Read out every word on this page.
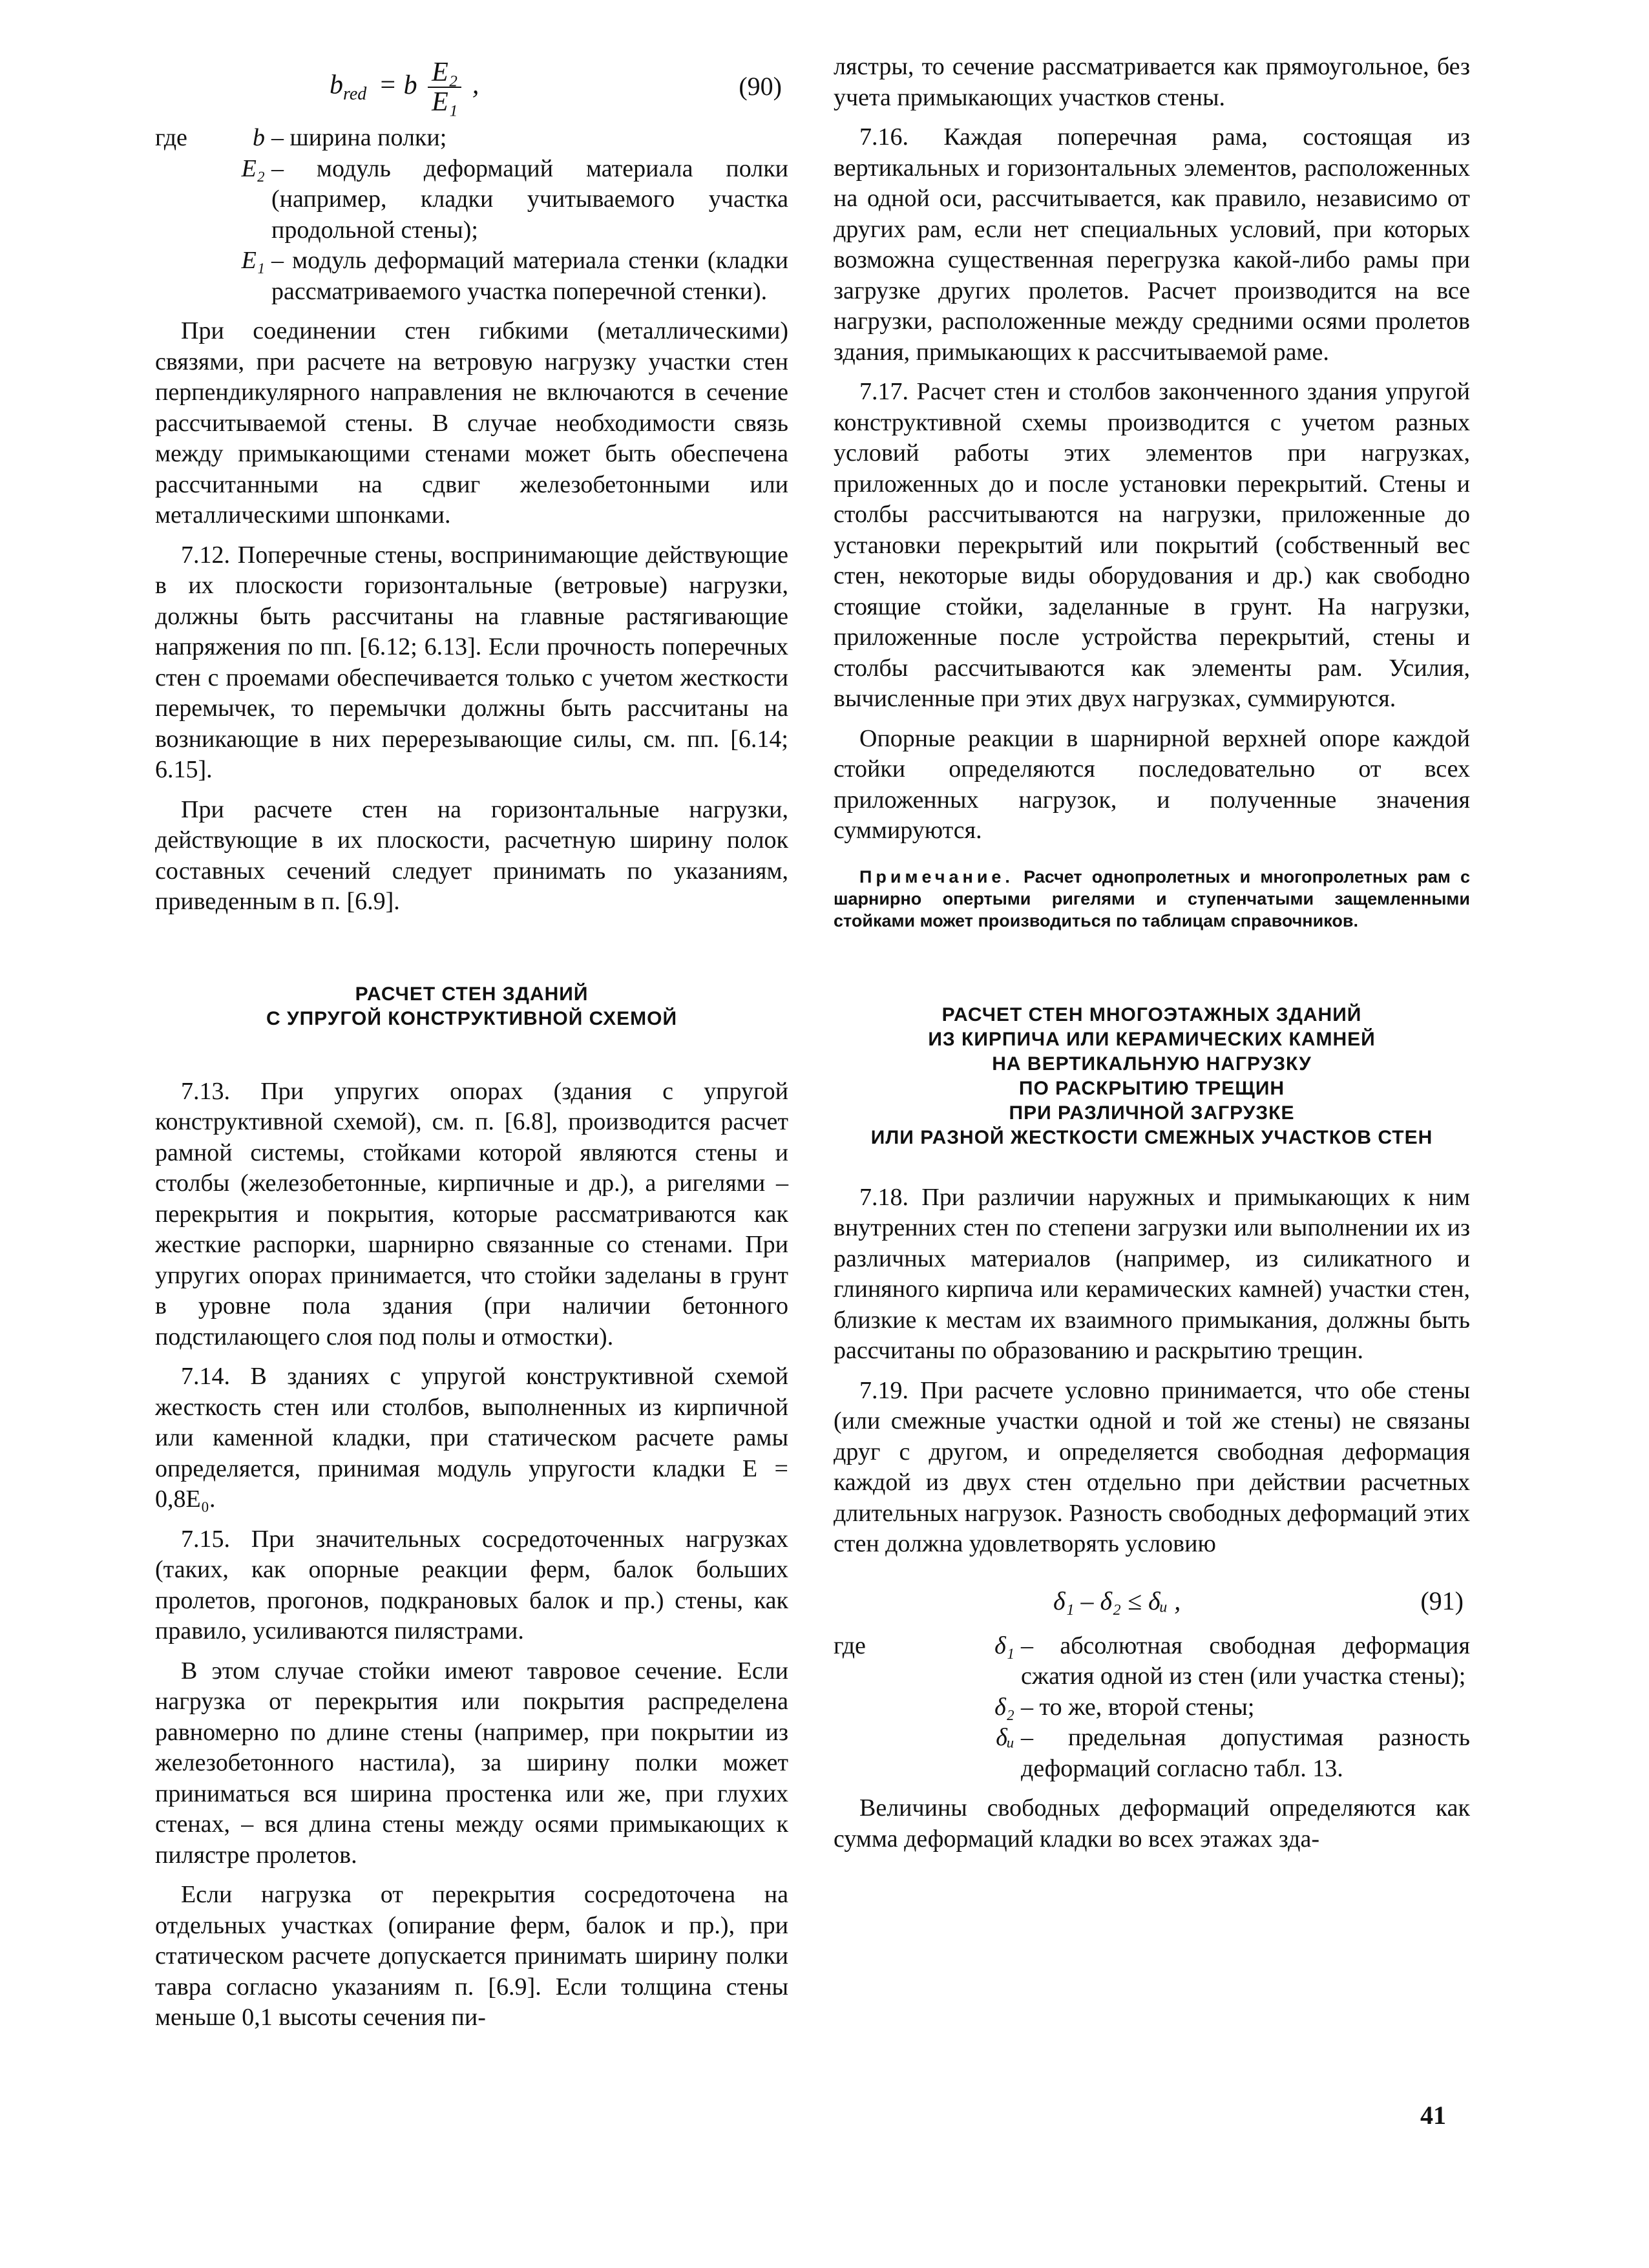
$b_{red} = b \frac{\text{E₂}}{\text{E₁}}$ ,	(90)
где	b – ширина полки;
E₂ – модуль деформаций материала полки (например, кладки учитываемого участка продольной стены);
E₁ – модуль деформаций материала стенки (кладки рассматриваемого участка поперечной стенки).

При соединении стен гибкими (металлическими) связями, при расчете на ветровую нагрузку участки стен перпендикулярного направления не включаются в сечение рассчитываемой стены. В случае необходимости связь между примыкающими стенами может быть обеспечена рассчитанными на сдвиг железобетонными или металлическими шпонками.

7.12. Поперечные стены, воспринимающие действующие в их плоскости горизонтальные (ветровые) нагрузки, должны быть рассчитаны на главные растягивающие напряжения по пп. [6.12; 6.13]. Если прочность поперечных стен с проемами обеспечивается только с учетом жесткости перемычек, то перемычки должны быть рассчитаны на возникающие в них перерезывающие силы, см. пп. [6.14; 6.15].

При расчете стен на горизонтальные нагрузки, действующие в их плоскости, расчетную ширину полок составных сечений следует принимать по указаниям, приведенным в п. [6.9].

РАСЧЕТ СТЕН ЗДАНИЙ
С УПРУГОЙ КОНСТРУКТИВНОЙ СХЕМОЙ

7.13. При упругих опорах (здания с упругой конструктивной схемой), см. п. [6.8], производится расчет рамной системы, стойками которой являются стены и столбы (железобетонные, кирпичные и др.), а ригелями – перекрытия и покрытия, которые рассматриваются как жесткие распорки, шарнирно связанные со стенами. При упругих опорах принимается, что стойки заделаны в грунт в уровне пола здания (при наличии бетонного подстилающего слоя под полы и отмостки).

7.14. В зданиях с упругой конструктивной схемой жесткость стен или столбов, выполненных из кирпичной или каменной кладки, при статическом расчете рамы определяется, принимая модуль упругости кладки E = 0,8E₀.

7.15. При значительных сосредоточенных нагрузках (таких, как опорные реакции ферм, балок больших пролетов, прогонов, подкрановых балок и пр.) стены, как правило, усиливаются пилястрами.

В этом случае стойки имеют тавровое сечение. Если нагрузка от перекрытия или покрытия распределена равномерно по длине стены (например, при покрытии из железобетонного настила), за ширину полки может приниматься вся ширина простенка или же, при глухих стенах, – вся длина стены между осями примыкающих к пилястре пролетов.

Если нагрузка от перекрытия сосредоточена на отдельных участках (опирание ферм, балок и пр.), при статическом расчете допускается принимать ширину полки тавра согласно указаниям п. [6.9]. Если толщина стены меньше 0,1 высоты сечения пи-

лястры, то сечение рассматривается как прямоугольное, без учета примыкающих участков стены.

7.16. Каждая поперечная рама, состоящая из вертикальных и горизонтальных элементов, расположенных на одной оси, рассчитывается, как правило, независимо от других рам, если нет специальных условий, при которых возможна существенная перегрузка какой-либо рамы при загрузке других пролетов. Расчет производится на все нагрузки, расположенные между средними осями пролетов здания, примыкающих к рассчитываемой раме.

7.17. Расчет стен и столбов законченного здания упругой конструктивной схемы производится с учетом разных условий работы этих элементов при нагрузках, приложенных до и после установки перекрытий. Стены и столбы рассчитываются на нагрузки, приложенные до установки перекрытий или покрытий (собственный вес стен, некоторые виды оборудования и др.) как свободно стоящие стойки, заделанные в грунт. На нагрузки, приложенные после устройства перекрытий, стены и столбы рассчитываются как элементы рам. Усилия, вычисленные при этих двух нагрузках, суммируются.

Опорные реакции в шарнирной верхней опоре каждой стойки определяются последовательно от всех приложенных нагрузок, и полученные значения суммируются.

Примечание. Расчет однопролетных и многопролетных рам с шарнирно опертыми ригелями и ступенчатыми защемленными стойками может производиться по таблицам справочников.
РАСЧЕТ СТЕН МНОГОЭТАЖНЫХ ЗДАНИЙ
ИЗ КИРПИЧА ИЛИ КЕРАМИЧЕСКИХ КАМНЕЙ
НА ВЕРТИКАЛЬНУЮ НАГРУЗКУ
ПО РАСКРЫТИЮ ТРЕЩИН
ПРИ РАЗЛИЧНОЙ ЗАГРУЗКЕ
ИЛИ РАЗНОЙ ЖЕСТКОСТИ СМЕЖНЫХ УЧАСТКОВ СТЕН

7.18. При различии наружных и примыкающих к ним внутренних стен по степени загрузки или выполнении их из различных материалов (например, из силикатного и глиняного кирпича или керамических камней) участки стен, близкие к местам их взаимного примыкания, должны быть рассчитаны по образованию и раскрытию трещин.

7.19. При расчете условно принимается, что обе стены (или смежные участки одной и той же стены) не связаны друг с другом, и определяется свободная деформация каждой из двух стен отдельно при действии расчетных длительных нагрузок. Разность свободных деформаций этих стен должна удовлетворять условию

δ₁ – δ₂ ≤ δᵤ ,	(91)
где	δ₁ – абсолютная свободная деформация сжатия одной из стен (или участка стены);
δ₂ – то же, второй стены;
δᵤ – предельная допустимая разность деформаций согласно табл. 13.

Величины свободных деформаций определяются как сумма деформаций кладки во всех этажах зда-

41
